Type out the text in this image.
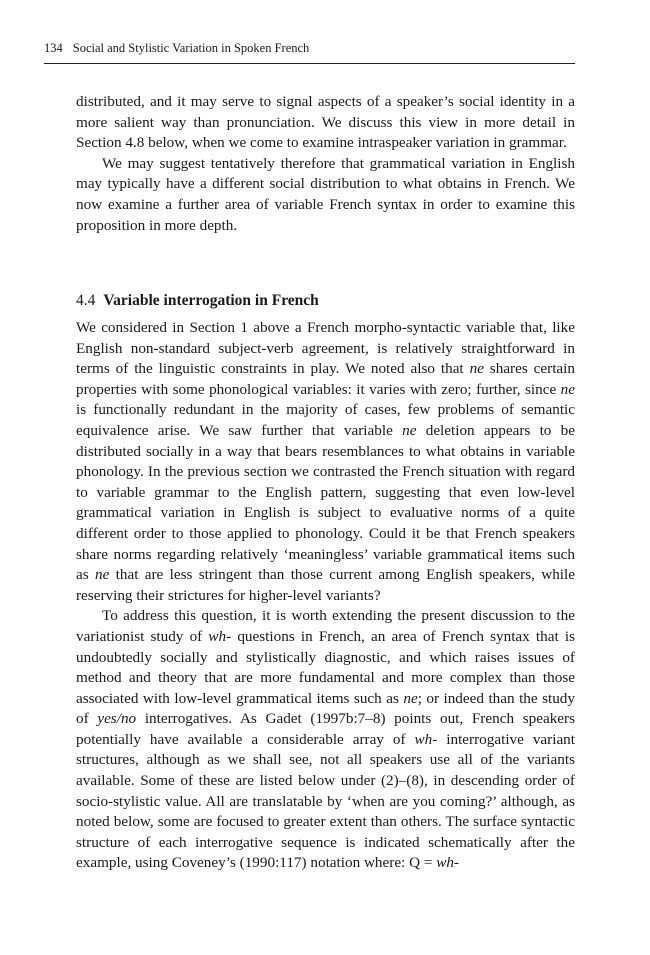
134 Social and Stylistic Variation in Spoken French

distributed, and it may serve to signal aspects of a speaker’s social identity in a more salient way than pronunciation. We discuss this view in more detail in Section 4.8 below, when we come to examine intraspeaker variation in grammar.

We may suggest tentatively therefore that grammatical variation in English may typically have a different social distribution to what obtains in French. We now examine a further area of variable French syntax in order to examine this proposition in more depth.

4.4 Variable interrogation in French

We considered in Section 1 above a French morpho-syntactic variable that, like English non-standard subject-verb agreement, is relatively straightforward in terms of the linguistic constraints in play. We noted also that ne shares certain properties with some phonological variables: it varies with zero; further, since ne is functionally redundant in the majority of cases, few problems of semantic equivalence arise. We saw further that variable ne deletion appears to be distributed socially in a way that bears resemblances to what obtains in variable phonology. In the previous section we contrasted the French situation with regard to variable grammar to the English pattern, suggesting that even low-level grammatical variation in English is subject to evaluative norms of a quite different order to those applied to phonology. Could it be that French speakers share norms regarding relatively ‘meaningless’ variable grammatical items such as ne that are less stringent than those current among English speakers, while reserving their strictures for higher-level variants?

To address this question, it is worth extending the present discussion to the variationist study of wh- questions in French, an area of French syntax that is undoubtedly socially and stylistically diagnostic, and which raises issues of method and theory that are more fundamental and more complex than those associated with low-level grammatical items such as ne; or indeed than the study of yes/no interrogatives. As Gadet (1997b:7–8) points out, French speakers potentially have available a considerable array of wh- interrogative variant structures, although as we shall see, not all speakers use all of the variants available. Some of these are listed below under (2)–(8), in descending order of socio-stylistic value. All are translatable by ‘when are you coming?’ although, as noted below, some are focused to greater extent than others. The surface syntactic structure of each interrogative sequence is indicated schematically after the example, using Coveney’s (1990:117) notation where: Q = wh-
